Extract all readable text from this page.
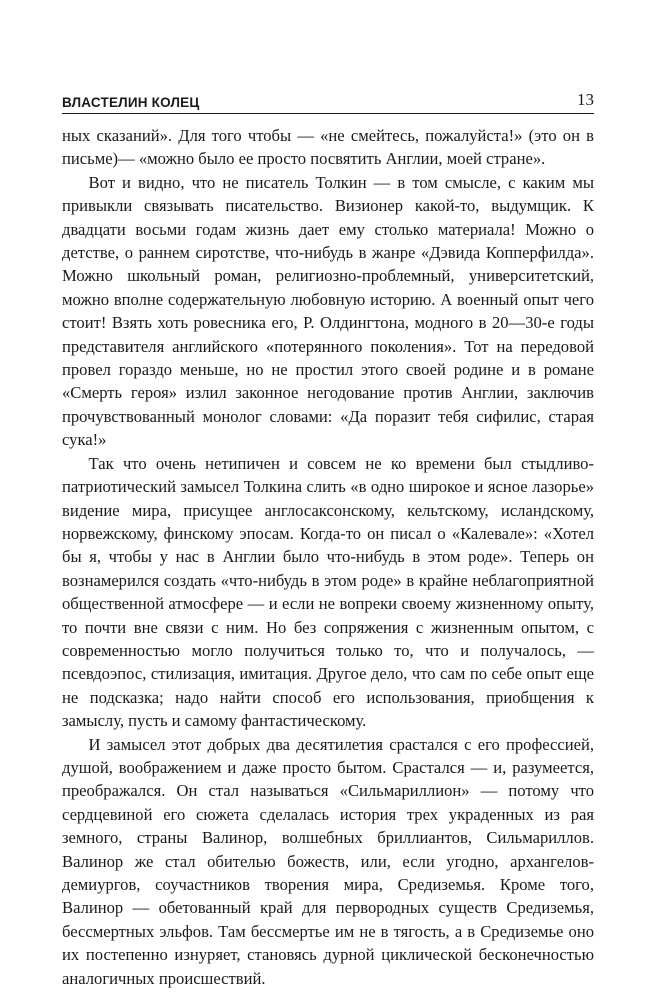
ВЛАСТЕЛИН КОЛЕЦ	13

ных сказаний». Для того чтобы — «не смейтесь, пожалуйста!» (это он в письме)— «можно было ее просто посвятить Англии, моей стране».

Вот и видно, что не писатель Толкин — в том смысле, с каким мы привыкли связывать писательство. Визионер какой-то, выдумщик. К двадцати восьми годам жизнь дает ему столько материала! Можно о детстве, о раннем сиротстве, что-нибудь в жанре «Дэвида Копперфилда». Можно школьный роман, религиозно-проблемный, университетский, можно вполне содержательную любовную историю. А военный опыт чего стоит! Взять хоть ровесника его, Р. Олдингтона, модного в 20—30-е годы представителя английского «потерянного поколения». Тот на передовой провел гораздо меньше, но не простил этого своей родине и в романе «Смерть героя» излил законное негодование против Англии, заключив прочувствованный монолог словами: «Да поразит тебя сифилис, старая сука!»

Так что очень нетипичен и совсем не ко времени был стыдливо-патриотический замысел Толкина слить «в одно широкое и ясное лазорье» видение мира, присущее англосаксонскому, кельтскому, исландскому, норвежскому, финскому эпосам. Когда-то он писал о «Калевале»: «Хотел бы я, чтобы у нас в Англии было что-нибудь в этом роде». Теперь он вознамерился создать «что-нибудь в этом роде» в крайне неблагоприятной общественной атмосфере — и если не вопреки своему жизненному опыту, то почти вне связи с ним. Но без сопряжения с жизненным опытом, с современностью могло получиться только то, что и получалось, — псевдоэпос, стилизация, имитация. Другое дело, что сам по себе опыт еще не подсказка; надо найти способ его использования, приобщения к замыслу, пусть и самому фантастическому.

И замысел этот добрых два десятилетия срастался с его профессией, душой, воображением и даже просто бытом. Срастался — и, разумеется, преображался. Он стал называться «Сильмариллион» — потому что сердцевиной его сюжета сделалась история трех украденных из рая земного, страны Валинор, волшебных бриллиантов, Сильмариллов. Валинор же стал обителью божеств, или, если угодно, архангелов-демиургов, соучастников творения мира, Средиземья. Кроме того, Валинор — обетованный край для первородных существ Средиземья, бессмертных эльфов. Там бессмертье им не в тягость, а в Средиземье оно их постепенно изнуряет, становясь дурной циклической бесконечностью аналогичных происшествий.
